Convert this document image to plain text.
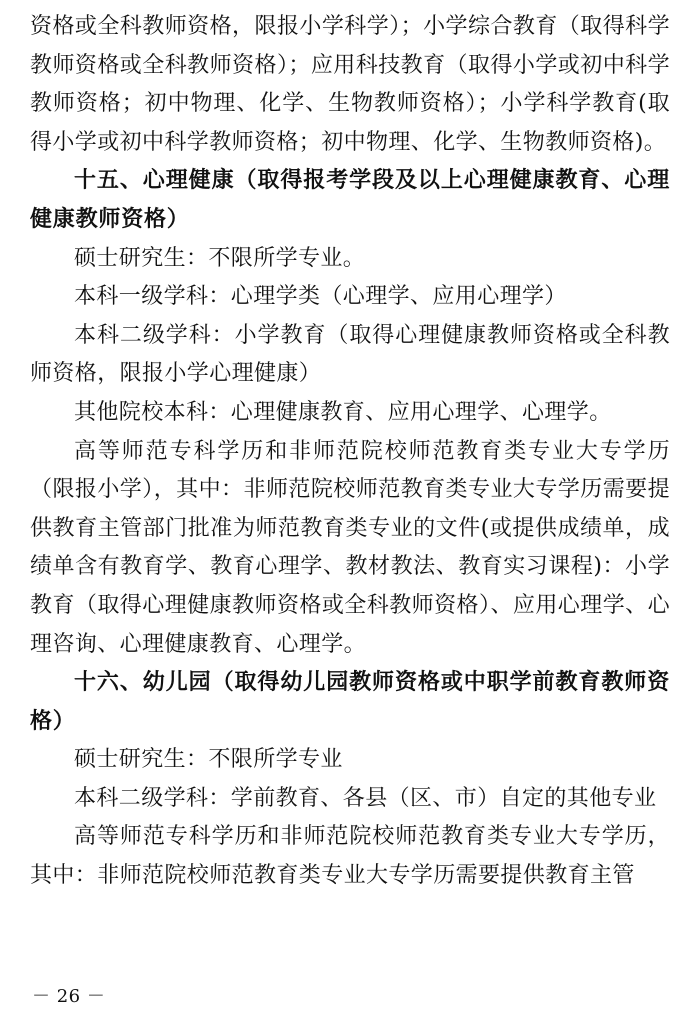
资格或全科教师资格，限报小学科学）；小学综合教育（取得科学教师资格或全科教师资格）；应用科技教育（取得小学或初中科学教师资格；初中物理、化学、生物教师资格）；小学科学教育(取得小学或初中科学教师资格；初中物理、化学、生物教师资格)。

十五、心理健康（取得报考学段及以上心理健康教育、心理健康教师资格）

硕士研究生：不限所学专业。

本科一级学科：心理学类（心理学、应用心理学）

本科二级学科：小学教育（取得心理健康教师资格或全科教师资格，限报小学心理健康）

其他院校本科：心理健康教育、应用心理学、心理学。

高等师范专科学历和非师范院校师范教育类专业大专学历（限报小学），其中：非师范院校师范教育类专业大专学历需要提供教育主管部门批准为师范教育类专业的文件(或提供成绩单，成绩单含有教育学、教育心理学、教材教法、教育实习课程)：小学教育（取得心理健康教师资格或全科教师资格）、应用心理学、心理咨询、心理健康教育、心理学。

十六、幼儿园（取得幼儿园教师资格或中职学前教育教师资格）

硕士研究生：不限所学专业

本科二级学科：学前教育、各县（区、市）自定的其他专业

高等师范专科学历和非师范院校师范教育类专业大专学历，其中：非师范院校师范教育类专业大专学历需要提供教育主管

－ 26 －
